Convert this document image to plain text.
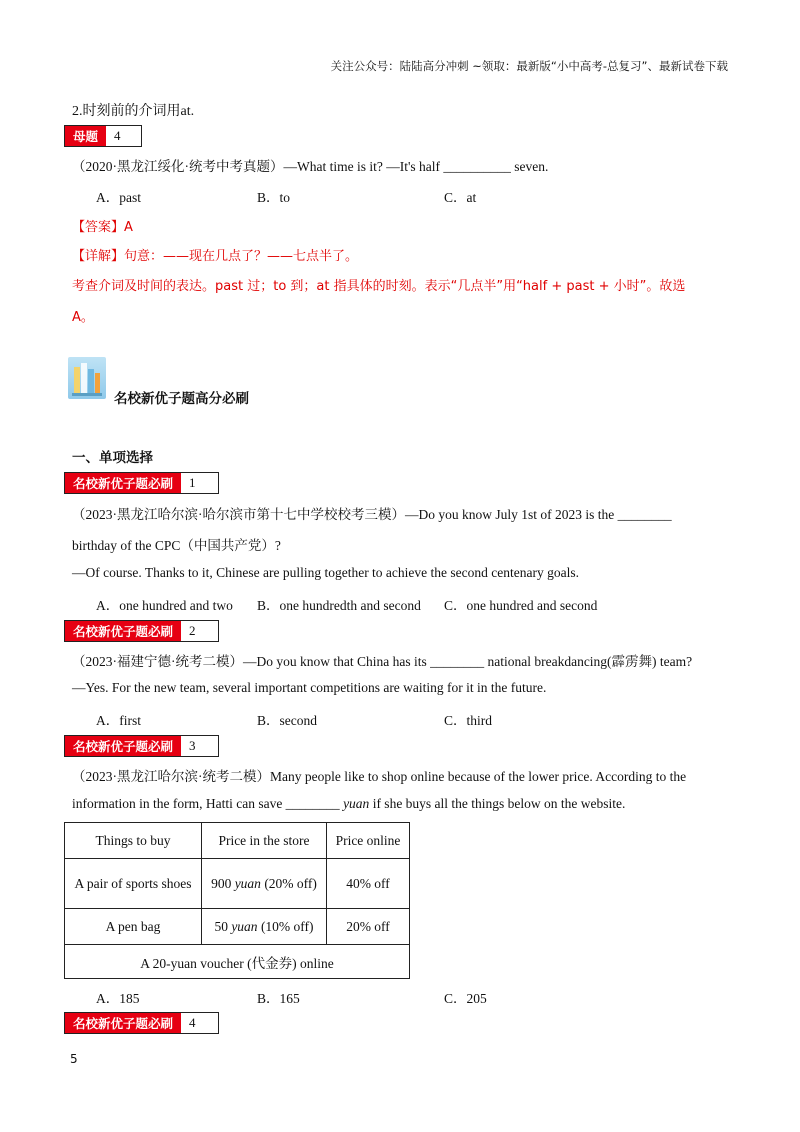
关注公众号：陆陆高分冲刺 ~领取：最新版“小中高考-总复习”、最新试卷下载
2.时刻前的介词用at.
母题	4
（2020·黑龙江绥化·统考中考真题）—What time is it? —It's half __________ seven.
A．past	B．to	C．at
【答案】A
【详解】句意：——现在几点了？——七点半了。
考查介词及时间的表达。past 过；to 到；at 指具体的时刻。表示“几点半”用“half + past + 小时”。故选
A。
名校新优子题高分必刷
一、单项选择
名校新优子题必刷	1
（2023·黑龙江哈尔滨·哈尔滨市第十七中学校校考三模）—Do you know July 1st of 2023 is the ________
birthday of the CPC（中国共产党）?
—Of course. Thanks to it, Chinese are pulling together to achieve the second centenary goals.
A．one hundred and two B．one hundredth and second C．one hundred and second
名校新优子题必刷	2
（2023·福建宁德·统考二模）—Do you know that China has its ________ national breakdancing(霹雳舞) team?
—Yes. For the new team, several important competitions are waiting for it in the future.
A．first	B．second	C．third
名校新优子题必刷	3
（2023·黑龙江哈尔滨·统考二模）Many people like to shop online because of the lower price. According to the
information in the form, Hatti can save ________ yuan if she buys all the things below on the website.
Things to buy	Price in the store	Price online
A pair of sports shoes	900 yuan (20% off)	40% off
A pen bag	50 yuan (10% off)	20% off
A 20-yuan voucher (代金券) online		
A．185	B．165	C．205
名校新优子题必刷	4
5
